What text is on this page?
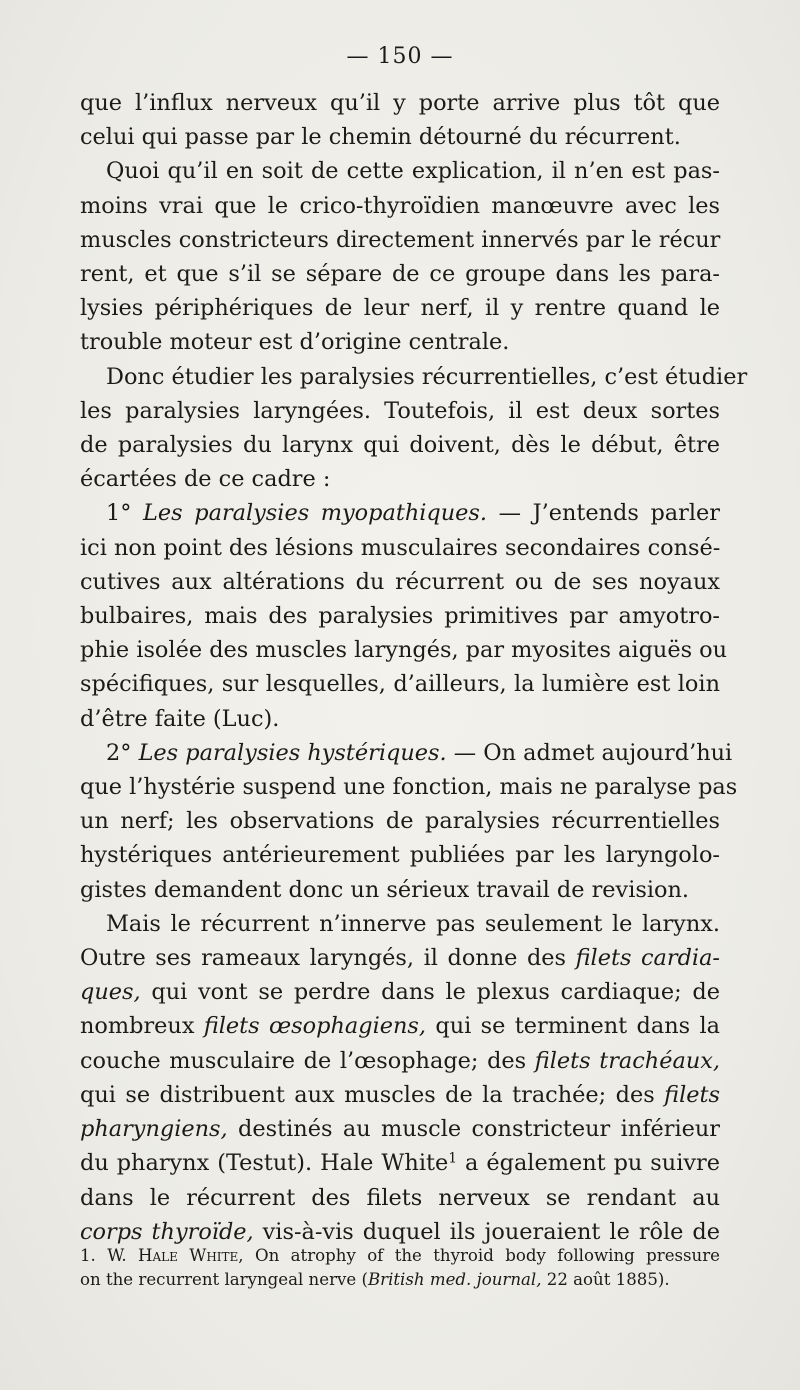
— 150 —
que l’influx nerveux qu’il y porte arrive plus tôt que
celui qui passe par le chemin détourné du récurrent.
Quoi qu’il en soit de cette explication, il n’en est pas-
moins vrai que le crico-thyroïdien manœuvre avec les
muscles constricteurs directement innervés par le récur
rent, et que s’il se sépare de ce groupe dans les para-
lysies périphériques de leur nerf, il y rentre quand le
trouble moteur est d’origine centrale.
Donc étudier les paralysies récurrentielles, c’est étudier
les paralysies laryngées. Toutefois, il est deux sortes
de paralysies du larynx qui doivent, dès le début, être
écartées de ce cadre :
1° Les paralysies myopathiques. — J’entends parler
ici non point des lésions musculaires secondaires consé-
cutives aux altérations du récurrent ou de ses noyaux
bulbaires, mais des paralysies primitives par amyotro-
phie isolée des muscles laryngés, par myosites aiguës ou
spécifiques, sur lesquelles, d’ailleurs, la lumière est loin
d’être faite (Luc).
2° Les paralysies hystériques. — On admet aujourd’hui
que l’hystérie suspend une fonction, mais ne paralyse pas
un nerf; les observations de paralysies récurrentielles
hystériques antérieurement publiées par les laryngolo-
gistes demandent donc un sérieux travail de revision.
Mais le récurrent n’innerve pas seulement le larynx.
Outre ses rameaux laryngés, il donne des filets cardia-
ques, qui vont se perdre dans le plexus cardiaque; de
nombreux filets œsophagiens, qui se terminent dans la
couche musculaire de l’œsophage; des filets trachéaux,
qui se distribuent aux muscles de la trachée; des filets
pharyngiens, destinés au muscle constricteur inférieur
du pharynx (Testut). Hale White$^1$ a également pu suivre
dans le récurrent des filets nerveux se rendant au
corps thyroïde, vis-à-vis duquel ils joueraient le rôle de
1. W. Hale White, On atrophy of the thyroid body following pressure
on the recurrent laryngeal nerve (British med. journal, 22 août 1885).
